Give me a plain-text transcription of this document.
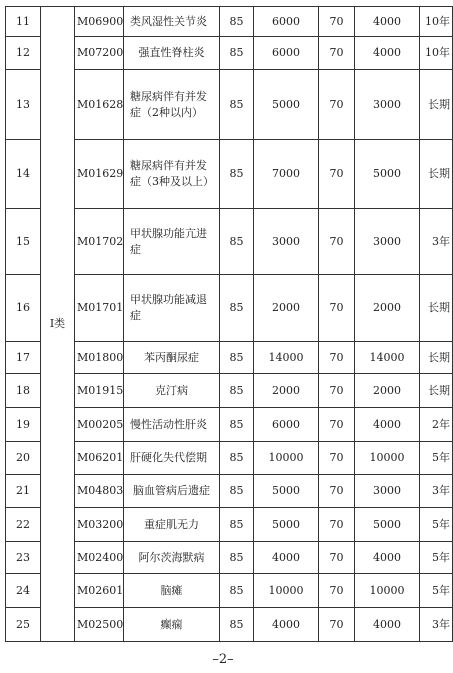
11	Ⅰ类	M06900	类风湿性关节炎	85	6000	70	4000	10年
12		M07200	强直性脊柱炎	85	6000	70	4000	10年
13		M01628	糖尿病伴有并发症（2种以内）	85	5000	70	3000	长期
14		M01629	糖尿病伴有并发症（3种及以上）	85	7000	70	5000	长期
15		M01702	甲状腺功能亢进症	85	3000	70	3000	3年
16		M01701	甲状腺功能减退症	85	2000	70	2000	长期
17		M01800	苯丙酮尿症	85	14000	70	14000	长期
18		M01915	克汀病	85	2000	70	2000	长期
19		M00205	慢性活动性肝炎	85	6000	70	4000	2年
20		M06201	肝硬化失代偿期	85	10000	70	10000	5年
21		M04803	脑血管病后遗症	85	5000	70	3000	3年
22		M03200	重症肌无力	85	5000	70	5000	5年
23		M02400	阿尔茨海默病	85	4000	70	4000	5年
24		M02601	脑瘫	85	10000	70	10000	5年
25		M02500	癫痫	85	4000	70	4000	3年
–2–
